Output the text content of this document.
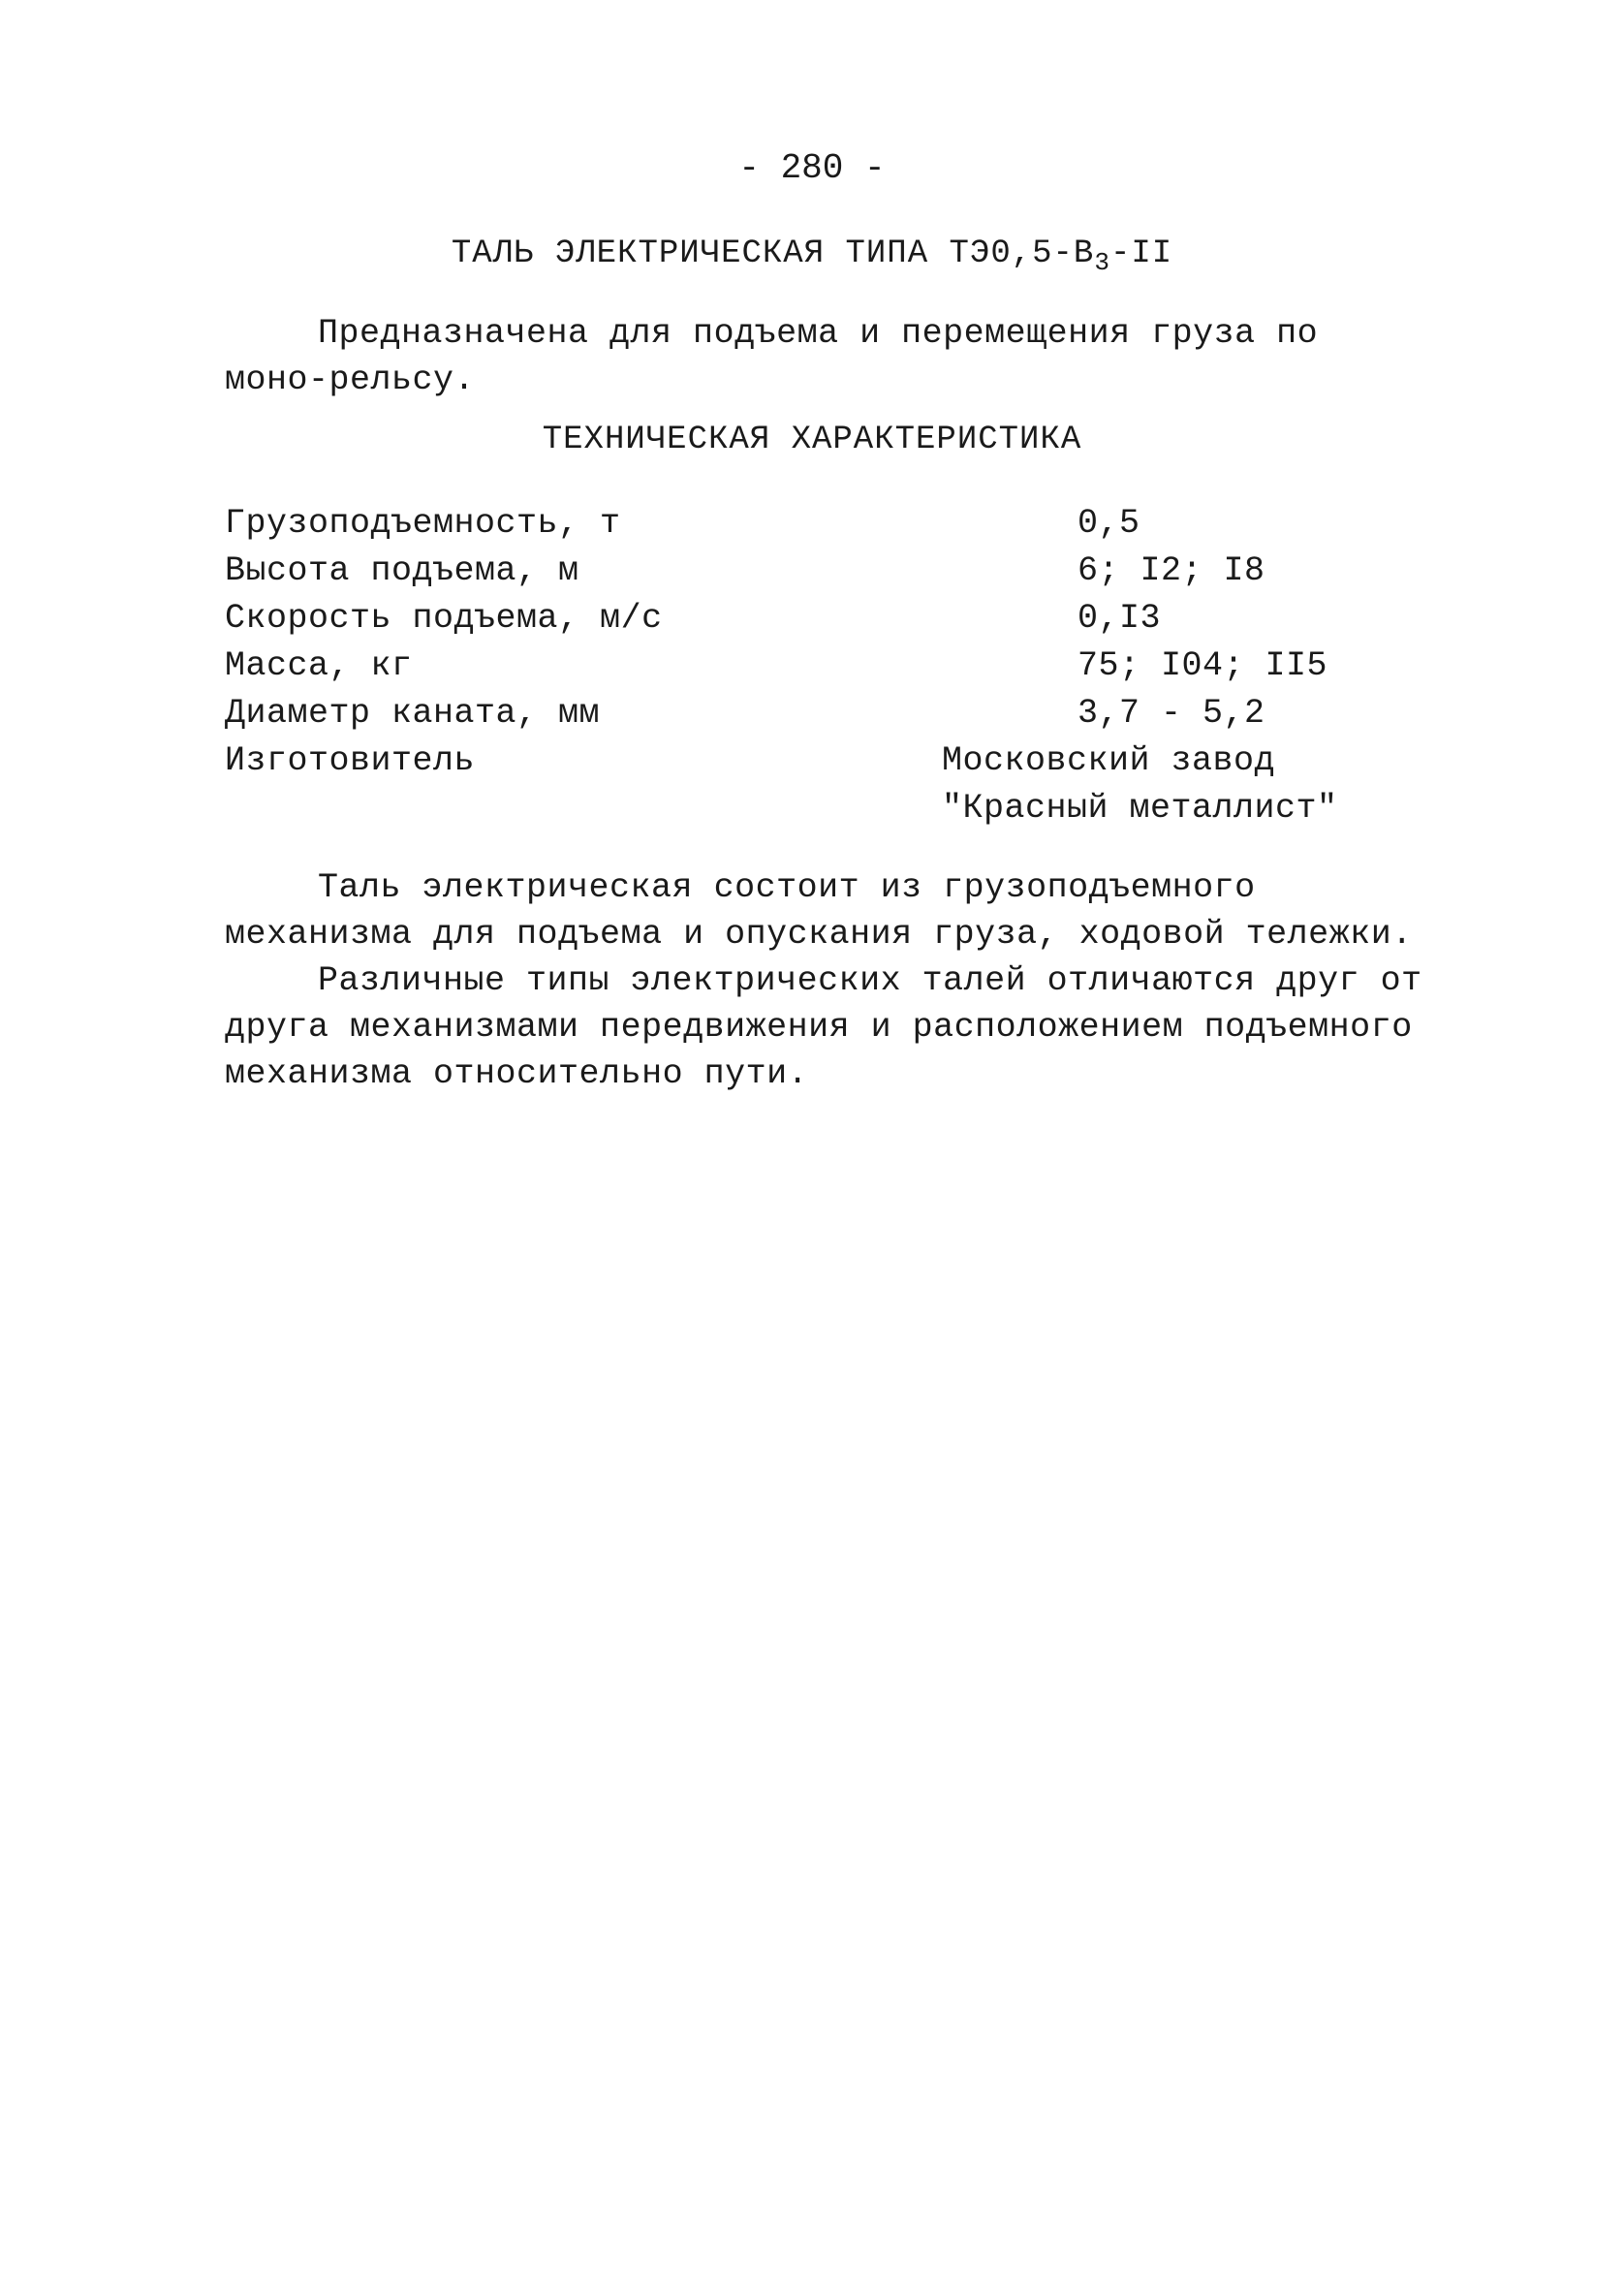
- 280 -
ТАЛЬ ЭЛЕКТРИЧЕСКАЯ ТИПА $ТЭ0,5-В_3-II$

Предназначена для подъема и перемещения груза по моно-рельсу.

ТЕХНИЧЕСКАЯ ХАРАКТЕРИСТИКА
Грузоподъемность, т	0,5
Высота подъема, м	6; I2; I8
Скорость подъема, м/с	0,I3
Масса, кг	75; I04; II5
Диаметр каната, мм	3,7 - 5,2
Изготовитель	Московский завод "Красный металлист"

Таль электрическая состоит из грузоподъемного механизма для подъема и опускания груза, ходовой тележки.

Различные типы электрических талей отличаются друг от друга механизмами передвижения и расположением подъемного механизма относительно пути.
